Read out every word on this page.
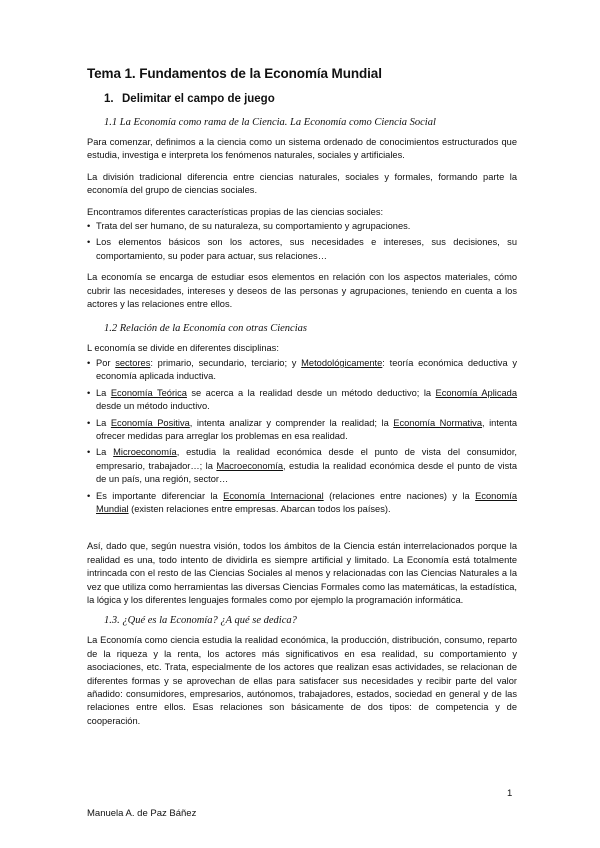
Tema 1. Fundamentos de la Economía Mundial
1. Delimitar el campo de juego
1.1 La Economía como rama de la Ciencia. La Economía como Ciencia Social

Para comenzar, definimos a la ciencia como un sistema ordenado de conocimientos estructurados que estudia, investiga e interpreta los fenómenos naturales, sociales y artificiales.

La división tradicional diferencia entre ciencias naturales, sociales y formales, formando parte la economía del grupo de ciencias sociales.

Encontramos diferentes características propias de las ciencias sociales:

• Trata del ser humano, de su naturaleza, su comportamiento y agrupaciones.
• Los elementos básicos son los actores, sus necesidades e intereses, sus decisiones, su comportamiento, su poder para actuar, sus relaciones…

La economía se encarga de estudiar esos elementos en relación con los aspectos materiales, cómo cubrir las necesidades, intereses y deseos de las personas y agrupaciones, teniendo en cuenta a los actores y las relaciones entre ellos.

1.2 Relación de la Economía con otras Ciencias

L economía se divide en diferentes disciplinas:

• Por sectores: primario, secundario, terciario; y Metodológicamente: teoría económica deductiva y economía aplicada inductiva.
• La Economía Teórica se acerca a la realidad desde un método deductivo; la Economía Aplicada desde un método inductivo.
• La Economía Positiva, intenta analizar y comprender la realidad; la Economía Normativa, intenta ofrecer medidas para arreglar los problemas en esa realidad.
• La Microeconomía, estudia la realidad económica desde el punto de vista del consumidor, empresario, trabajador…; la Macroeconomía, estudia la realidad económica desde el punto de vista de un país, una región, sector…
• Es importante diferenciar la Economía Internacional (relaciones entre naciones) y la Economía Mundial (existen relaciones entre empresas. Abarcan todos los países).

Así, dado que, según nuestra visión, todos los ámbitos de la Ciencia están interrelacionados porque la realidad es una, todo intento de dividirla es siempre artificial y limitado. La Economía está totalmente intrincada con el resto de las Ciencias Sociales al menos y relacionadas con las Ciencias Naturales a la vez que utiliza como herramientas las diversas Ciencias Formales como las matemáticas, la estadística, la lógica y los diferentes lenguajes formales como por ejemplo la programación informática.

1.3. ¿Qué es la Economía? ¿A qué se dedica?

La Economía como ciencia estudia la realidad económica, la producción, distribución, consumo, reparto de la riqueza y la renta, los actores más significativos en esa realidad, su comportamiento y asociaciones, etc. Trata, especialmente de los actores que realizan esas actividades, se relacionan de diferentes formas y se aprovechan de ellas para satisfacer sus necesidades y recibir parte del valor añadido: consumidores, empresarios, autónomos, trabajadores, estados, sociedad en general y de las relaciones entre ellos. Esas relaciones son básicamente de dos tipos: de competencia y de cooperación.

1
Manuela A. de Paz Báñez
